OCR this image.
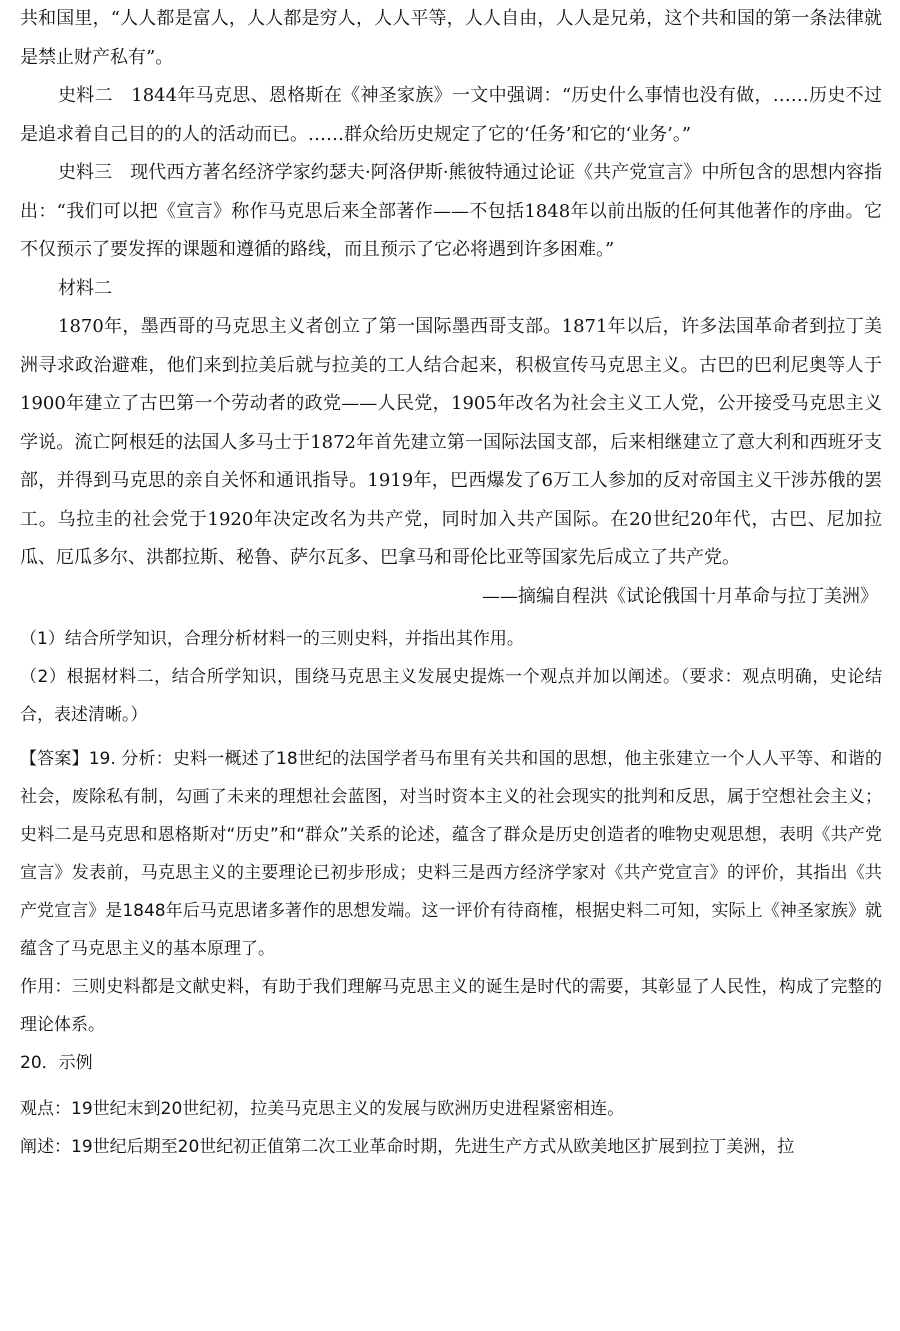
共和国里，“人人都是富人，人人都是穷人，人人平等，人人自由，人人是兄弟，这个共和国的第一条法律就是禁止财产私有”。

史料二　1844年马克思、恩格斯在《神圣家族》一文中强调：“历史什么事情也没有做，……历史不过是追求着自己目的的人的活动而已。……群众给历史规定了它的‘任务’和它的‘业务’。”

史料三　现代西方著名经济学家约瑟夫·阿洛伊斯·熊彼特通过论证《共产党宣言》中所包含的思想内容指出：“我们可以把《宣言》称作马克思后来全部著作——不包括1848年以前出版的任何其他著作的序曲。它不仅预示了要发挥的课题和遵循的路线，而且预示了它必将遇到许多困难。”

材料二

1870年，墨西哥的马克思主义者创立了第一国际墨西哥支部。1871年以后，许多法国革命者到拉丁美洲寻求政治避难，他们来到拉美后就与拉美的工人结合起来，积极宣传马克思主义。古巴的巴利尼奥等人于1900年建立了古巴第一个劳动者的政党——人民党，1905年改名为社会主义工人党，公开接受马克思主义学说。流亡阿根廷的法国人多马士于1872年首先建立第一国际法国支部，后来相继建立了意大利和西班牙支部，并得到马克思的亲自关怀和通讯指导。1919年，巴西爆发了6万工人参加的反对帝国主义干涉苏俄的罢工。乌拉圭的社会党于1920年决定改名为共产党，同时加入共产国际。在20世纪20年代，古巴、尼加拉瓜、厄瓜多尔、洪都拉斯、秘鲁、萨尔瓦多、巴拿马和哥伦比亚等国家先后成立了共产党。

——摘编自程洪《试论俄国十月革命与拉丁美洲》

（1）结合所学知识，合理分析材料一的三则史料，并指出其作用。

（2）根据材料二，结合所学知识，围绕马克思主义发展史提炼一个观点并加以阐述。（要求：观点明确，史论结合，表述清晰。）

【答案】19. 分析：史料一概述了18世纪的法国学者马布里有关共和国的思想，他主张建立一个人人平等、和谐的社会，废除私有制，勾画了未来的理想社会蓝图，对当时资本主义的社会现实的批判和反思，属于空想社会主义；史料二是马克思和恩格斯对“历史”和“群众”关系的论述，蕴含了群众是历史创造者的唯物史观思想，表明《共产党宣言》发表前，马克思主义的主要理论已初步形成；史料三是西方经济学家对《共产党宣言》的评价，其指出《共产党宣言》是1848年后马克思诸多著作的思想发端。这一评价有待商榷，根据史料二可知，实际上《神圣家族》就蕴含了马克思主义的基本原理了。

作用：三则史料都是文献史料，有助于我们理解马克思主义的诞生是时代的需要，其彰显了人民性，构成了完整的理论体系。

20．示例

观点：19世纪末到20世纪初，拉美马克思主义的发展与欧洲历史进程紧密相连。

阐述：19世纪后期至20世纪初正值第二次工业革命时期，先进生产方式从欧美地区扩展到拉丁美洲，拉
